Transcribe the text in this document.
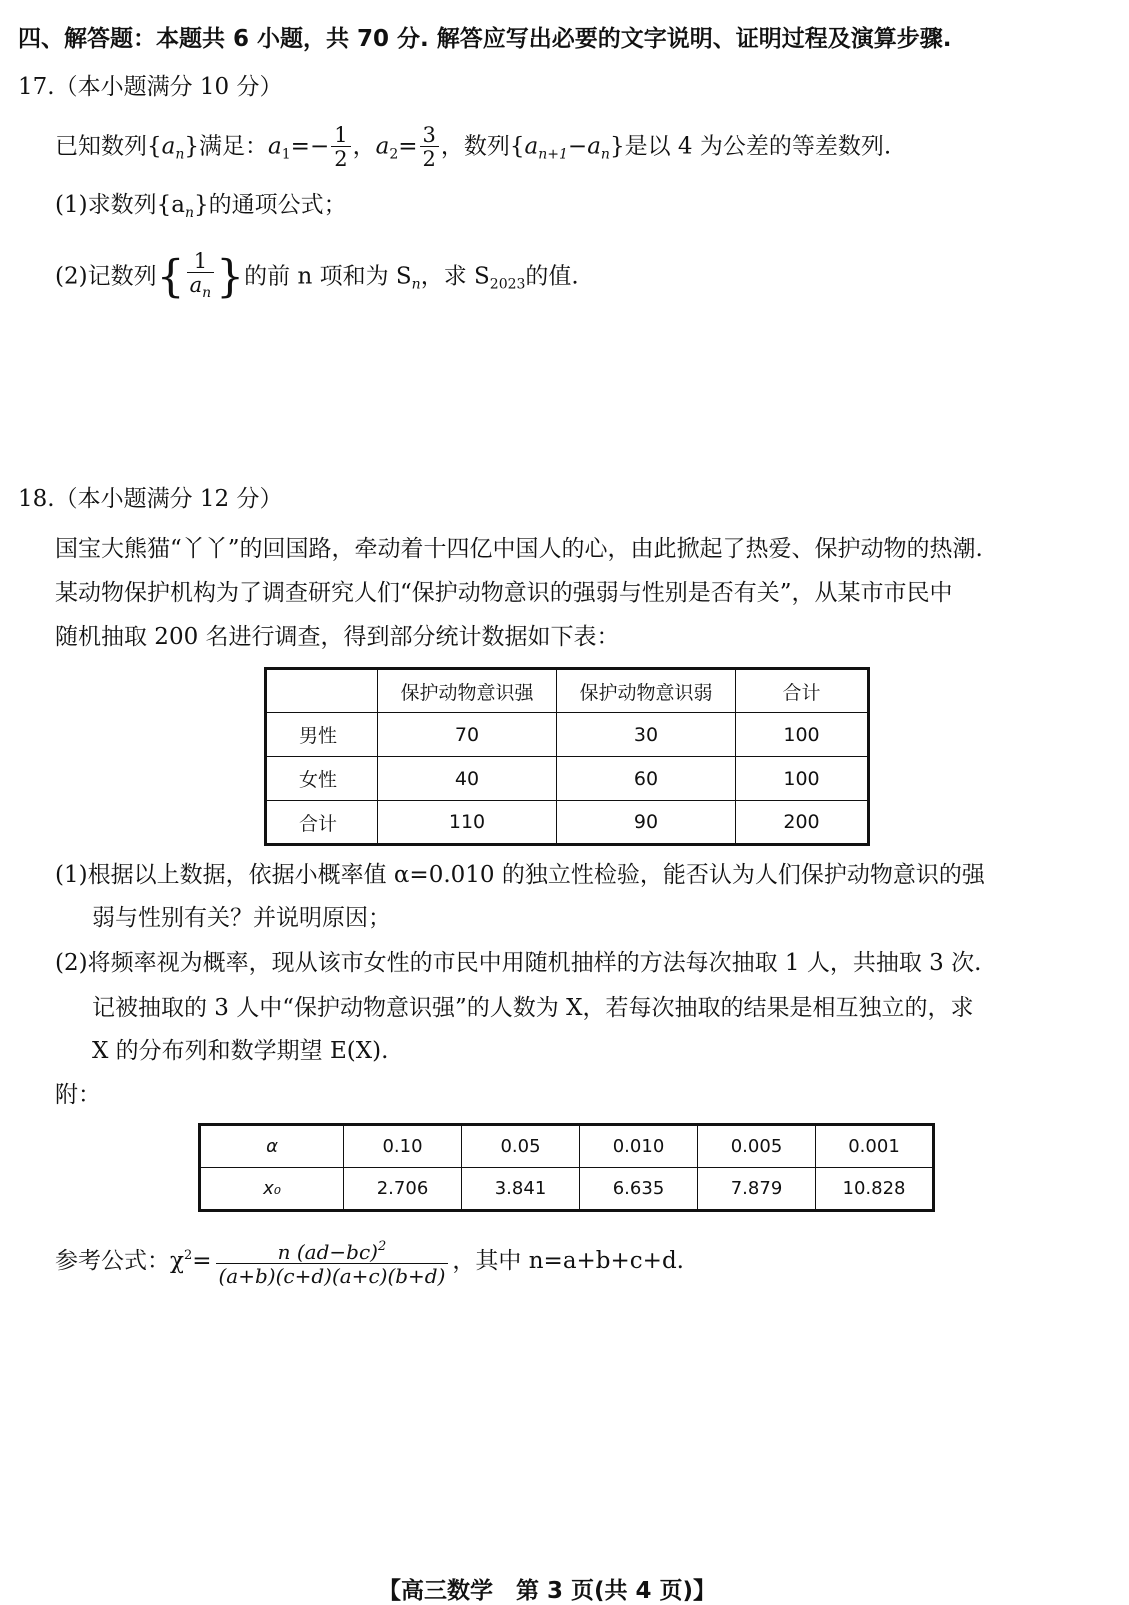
四、解答题：本题共 6 小题，共 70 分. 解答应写出必要的文字说明、证明过程及演算步骤.
17.（本小题满分 10 分）
已知数列$\{a_n\}$满足：$a_1=- \frac{1}{2}$ ，$a_2= \frac{3}{2}$ ，数列$\{a_{n+1}-a_n\}$是以 4 为公差的等差数列.
(1)求数列$\{a_n\}$的通项公式；
(2)记数列{ $\frac{1}{a_n}$ }的前 n 项和为 $S_n$，求 $S_{2023}$的值.
18.（本小题满分 12 分）
国宝大熊猫“丫丫”的回国路，牵动着十四亿中国人的心，由此掀起了热爱、保护动物的热潮.
某动物保护机构为了调查研究人们“保护动物意识的强弱与性别是否有关”，从某市市民中
随机抽取 200 名进行调查，得到部分统计数据如下表：
	保护动物意识强	保护动物意识弱	合计
男性	70	30	100
女性	40	60	100
合计	110	90	200
(1)根据以上数据，依据小概率值 α=0.010 的独立性检验，能否认为人们保护动物意识的强
弱与性别有关？并说明原因；
(2)将频率视为概率，现从该市女性的市民中用随机抽样的方法每次抽取 1 人，共抽取 3 次.
记被抽取的 3 人中“保护动物意识强”的人数为 X，若每次抽取的结果是相互独立的，求
X 的分布列和数学期望 E(X).
附：
α	0.10	0.05	0.010	0.005	0.001
x₀	2.706	3.841	6.635	7.879	10.828
参考公式：$\chi^2= \frac{n (ad-bc)^2}{(a+b)(c+d)(a+c)(b+d)}$ ，其中 n=a+b+c+d.
【高三数学　第 3 页(共 4 页)】
